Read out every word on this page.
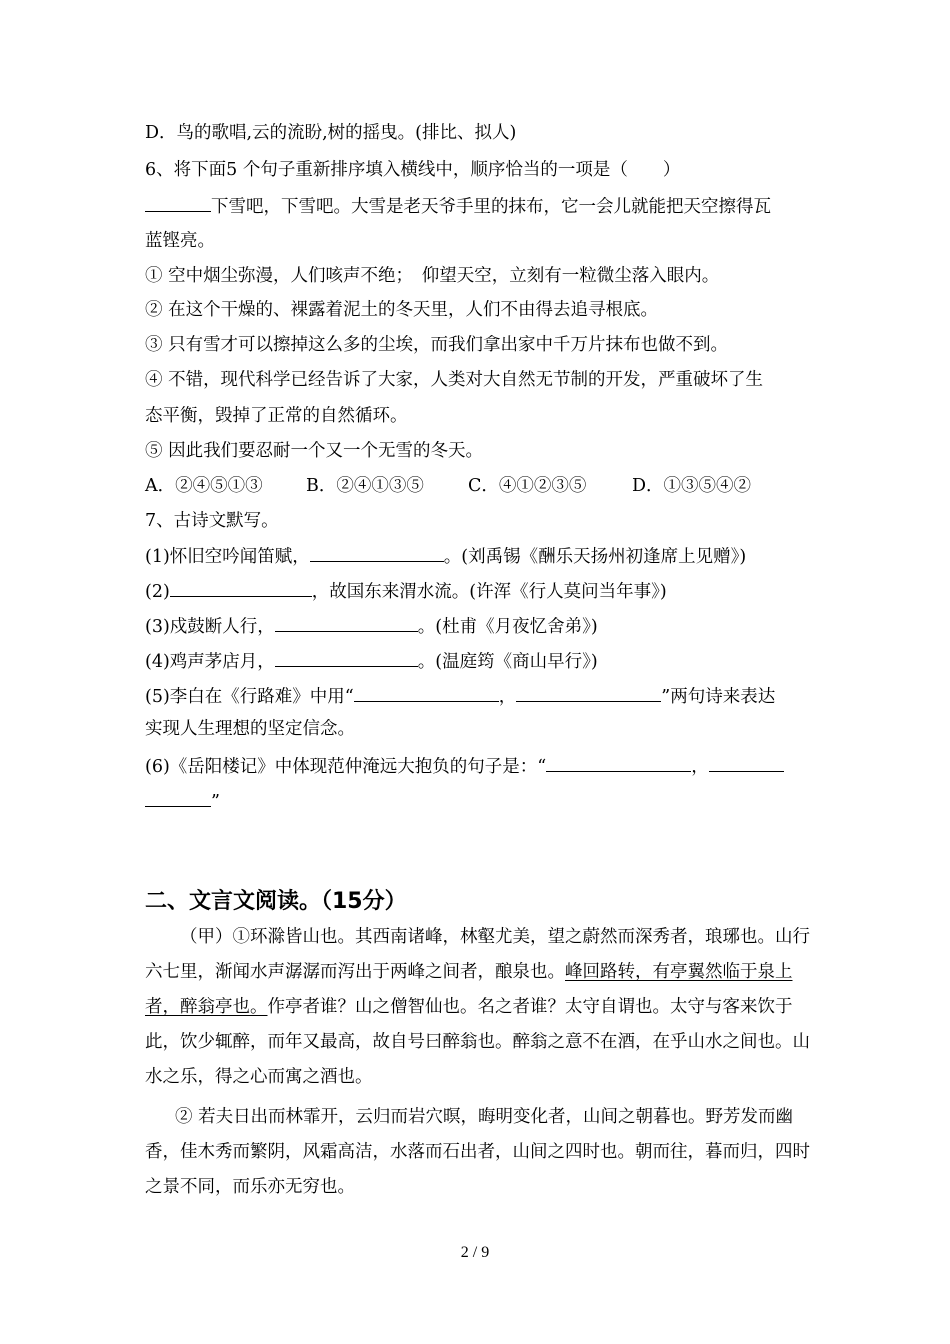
D．鸟的歌唱,云的流盼,树的摇曳。(排比、拟人)
6、将下面5 个句子重新排序填入横线中，顺序恰当的一项是（　　）
下雪吧，下雪吧。大雪是老天爷手里的抹布，它一会儿就能把天空擦得瓦
蓝铿亮。
① 空中烟尘弥漫，人们咳声不绝；　仰望天空，立刻有一粒微尘落入眼内。
② 在这个干燥的、裸露着泥土的冬天里，人们不由得去追寻根底。
③ 只有雪才可以擦掉这么多的尘埃，而我们拿出家中千万片抹布也做不到。
④ 不错，现代科学已经告诉了大家，人类对大自然无节制的开发，严重破坏了生
态平衡，毁掉了正常的自然循环。
⑤ 因此我们要忍耐一个又一个无雪的冬天。
A．②④⑤①③ B．②④①③⑤	C．④①②③⑤	D．①③⑤④②
7、古诗文默写。
(1)怀旧空吟闻笛赋，	。(刘禹锡《酬乐天扬州初逢席上见赠》)
(2)	，故国东来渭水流。(许浑《行人莫问当年事》)
(3)戍鼓断人行，	。(杜甫《月夜忆舍弟》)
(4)鸡声茅店月，	。(温庭筠《商山早行》)
(5)李白在《行路难》中用“	，	”两句诗来表达
实现人生理想的坚定信念。
(6)《岳阳楼记》中体现范仲淹远大抱负的句子是：“	，
”
二、文言文阅读。（15分）
（甲）①环滁皆山也。其西南诸峰，林壑尤美，望之蔚然而深秀者，琅琊也。山行六七里，渐闻水声潺潺而泻出于两峰之间者，酿泉也。峰回路转，有亭翼然临于泉上者，醉翁亭也。作亭者谁？山之僧智仙也。名之者谁？太守自谓也。太守与客来饮于此，饮少辄醉，而年又最高，故自号曰醉翁也。醉翁之意不在酒，在乎山水之间也。山水之乐，得之心而寓之酒也。
② 若夫日出而林霏开，云归而岩穴暝，晦明变化者，山间之朝暮也。野芳发而幽香，佳木秀而繁阴，风霜高洁，水落而石出者，山间之四时也。朝而往，暮而归，四时之景不同，而乐亦无穷也。
2 / 9
